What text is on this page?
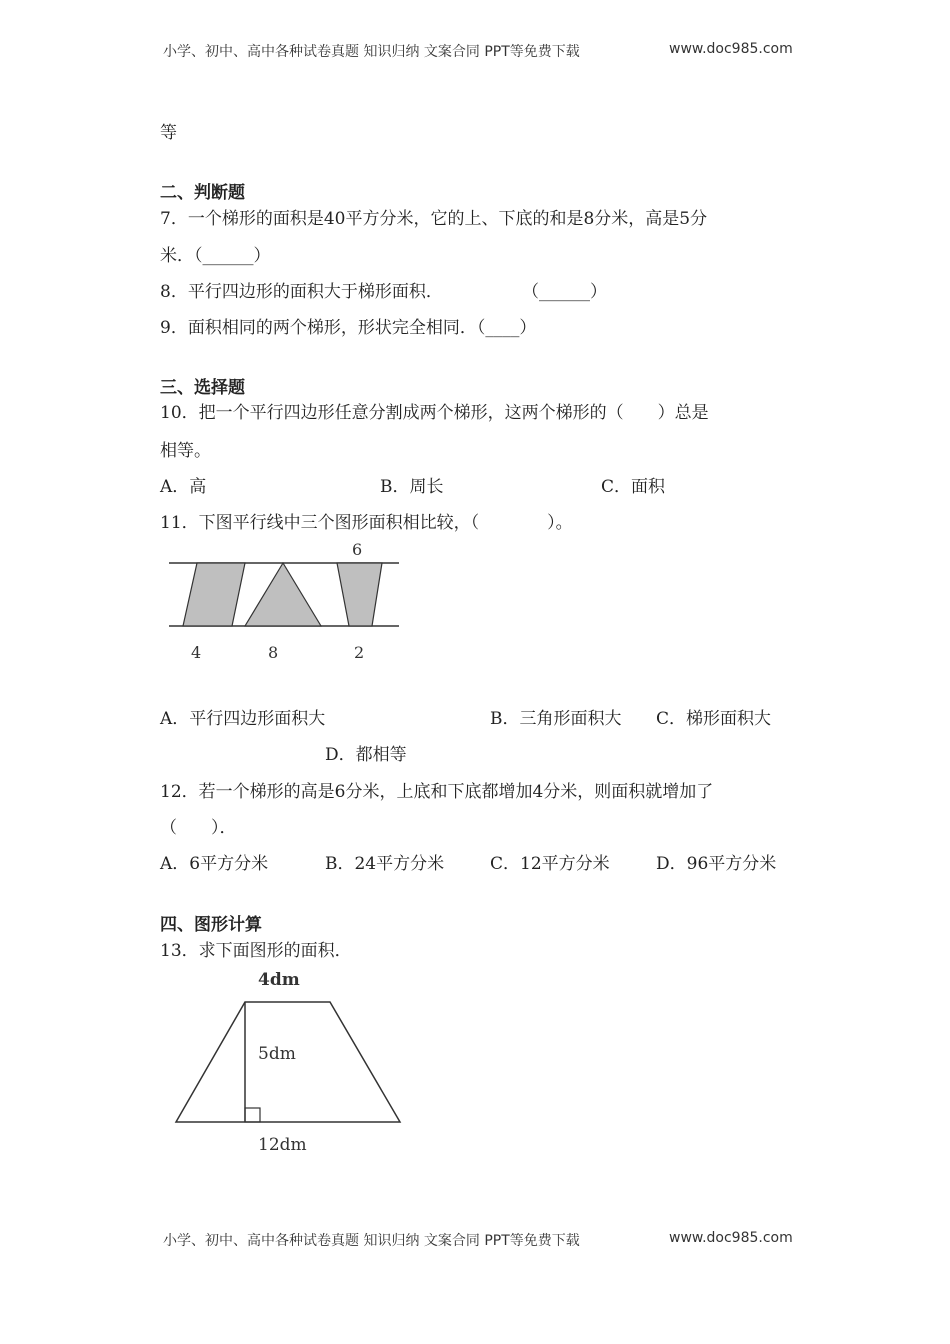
小学、初中、高中各种试卷真题 知识归纳 文案合同 PPT等免费下载	www.doc985.com
等
二、判断题
7．一个梯形的面积是40平方分米，它的上、下底的和是8分米，高是5分
米．（______）
8．平行四边形的面积大于梯形面积．	（______）
9．面积相同的两个梯形，形状完全相同．（____）
三、选择题
10．把一个平行四边形任意分割成两个梯形，这两个梯形的（　　）总是
相等。
A．高	B．周长	C．面积
11．下图平行线中三个图形面积相比较，（　　　　）。
6
4	8	2
A．平行四边形面积大	B．三角形面积大 C．梯形面积大
D．都相等
12．若一个梯形的高是6分米，上底和下底都增加4分米，则面积就增加了
（　　）．
A．6平方分米	B．24平方分米	C．12平方分米	D．96平方分米
四、图形计算
13．求下面图形的面积．
4dm
5dm
12dm
小学、初中、高中各种试卷真题 知识归纳 文案合同 PPT等免费下载	www.doc985.com
